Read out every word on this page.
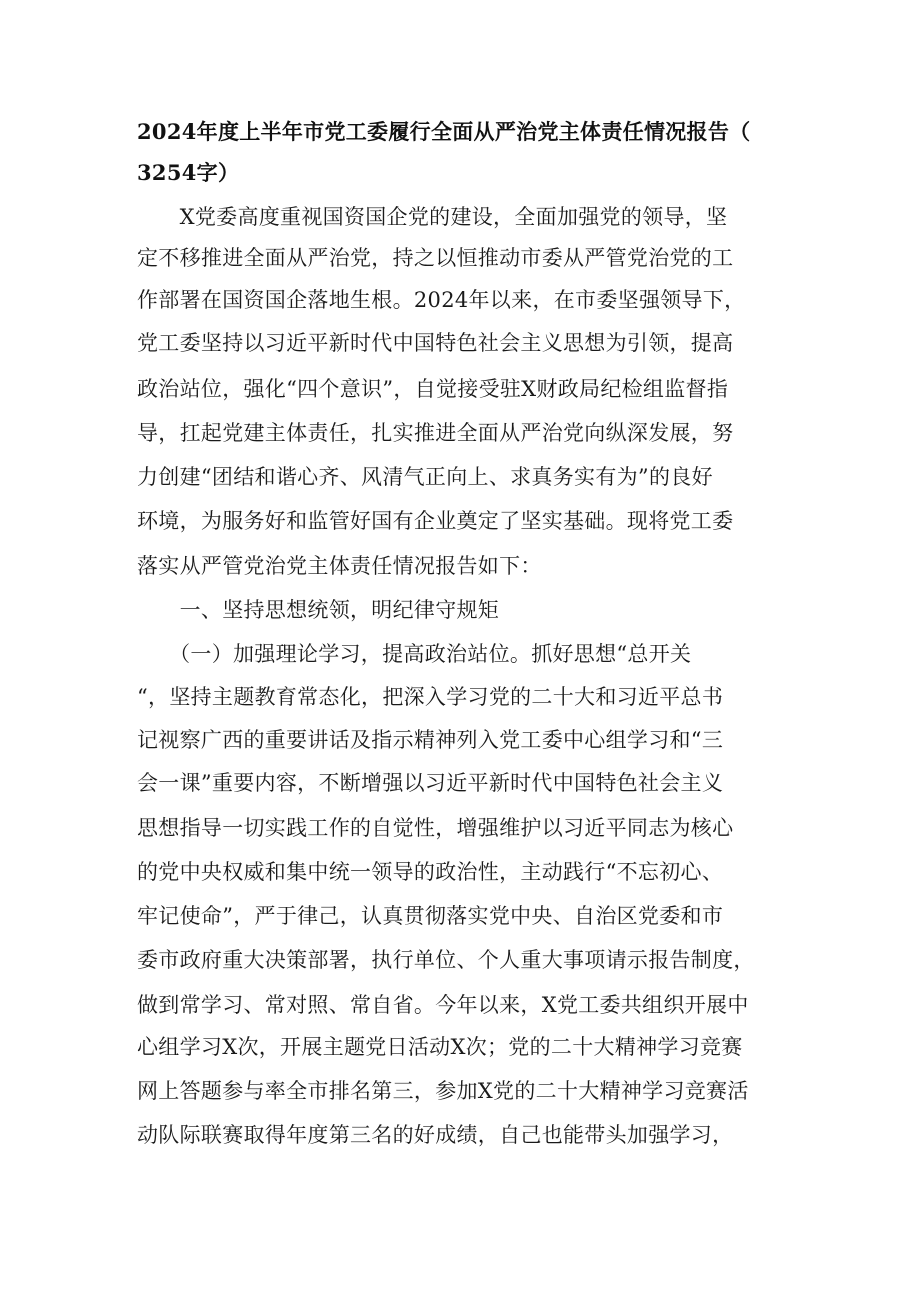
2024年度上半年市党工委履行全面从严治党主体责任情况报告（
3254字）
　　X党委高度重视国资国企党的建设，全面加强党的领导，坚
定不移推进全面从严治党，持之以恒推动市委从严管党治党的工
作部署在国资国企落地生根。2024年以来，在市委坚强领导下，
党工委坚持以习近平新时代中国特色社会主义思想为引领，提高
政治站位，强化“四个意识”，自觉接受驻X财政局纪检组监督指
导，扛起党建主体责任，扎实推进全面从严治党向纵深发展，努
力创建“团结和谐心齐、风清气正向上、求真务实有为”的良好
环境，为服务好和监管好国有企业奠定了坚实基础。现将党工委
落实从严管党治党主体责任情况报告如下：
　　一、坚持思想统领，明纪律守规矩
　　（一）加强理论学习，提高政治站位。抓好思想“总开关
“，坚持主题教育常态化，把深入学习党的二十大和习近平总书
记视察广西的重要讲话及指示精神列入党工委中心组学习和“三
会一课”重要内容，不断增强以习近平新时代中国特色社会主义
思想指导一切实践工作的自觉性，增强维护以习近平同志为核心
的党中央权威和集中统一领导的政治性，主动践行“不忘初心、
牢记使命”，严于律己，认真贯彻落实党中央、自治区党委和市
委市政府重大决策部署，执行单位、个人重大事项请示报告制度，
做到常学习、常对照、常自省。今年以来，X党工委共组织开展中
心组学习X次，开展主题党日活动X次；党的二十大精神学习竞赛
网上答题参与率全市排名第三，参加X党的二十大精神学习竞赛活
动队际联赛取得年度第三名的好成绩，自己也能带头加强学习，
